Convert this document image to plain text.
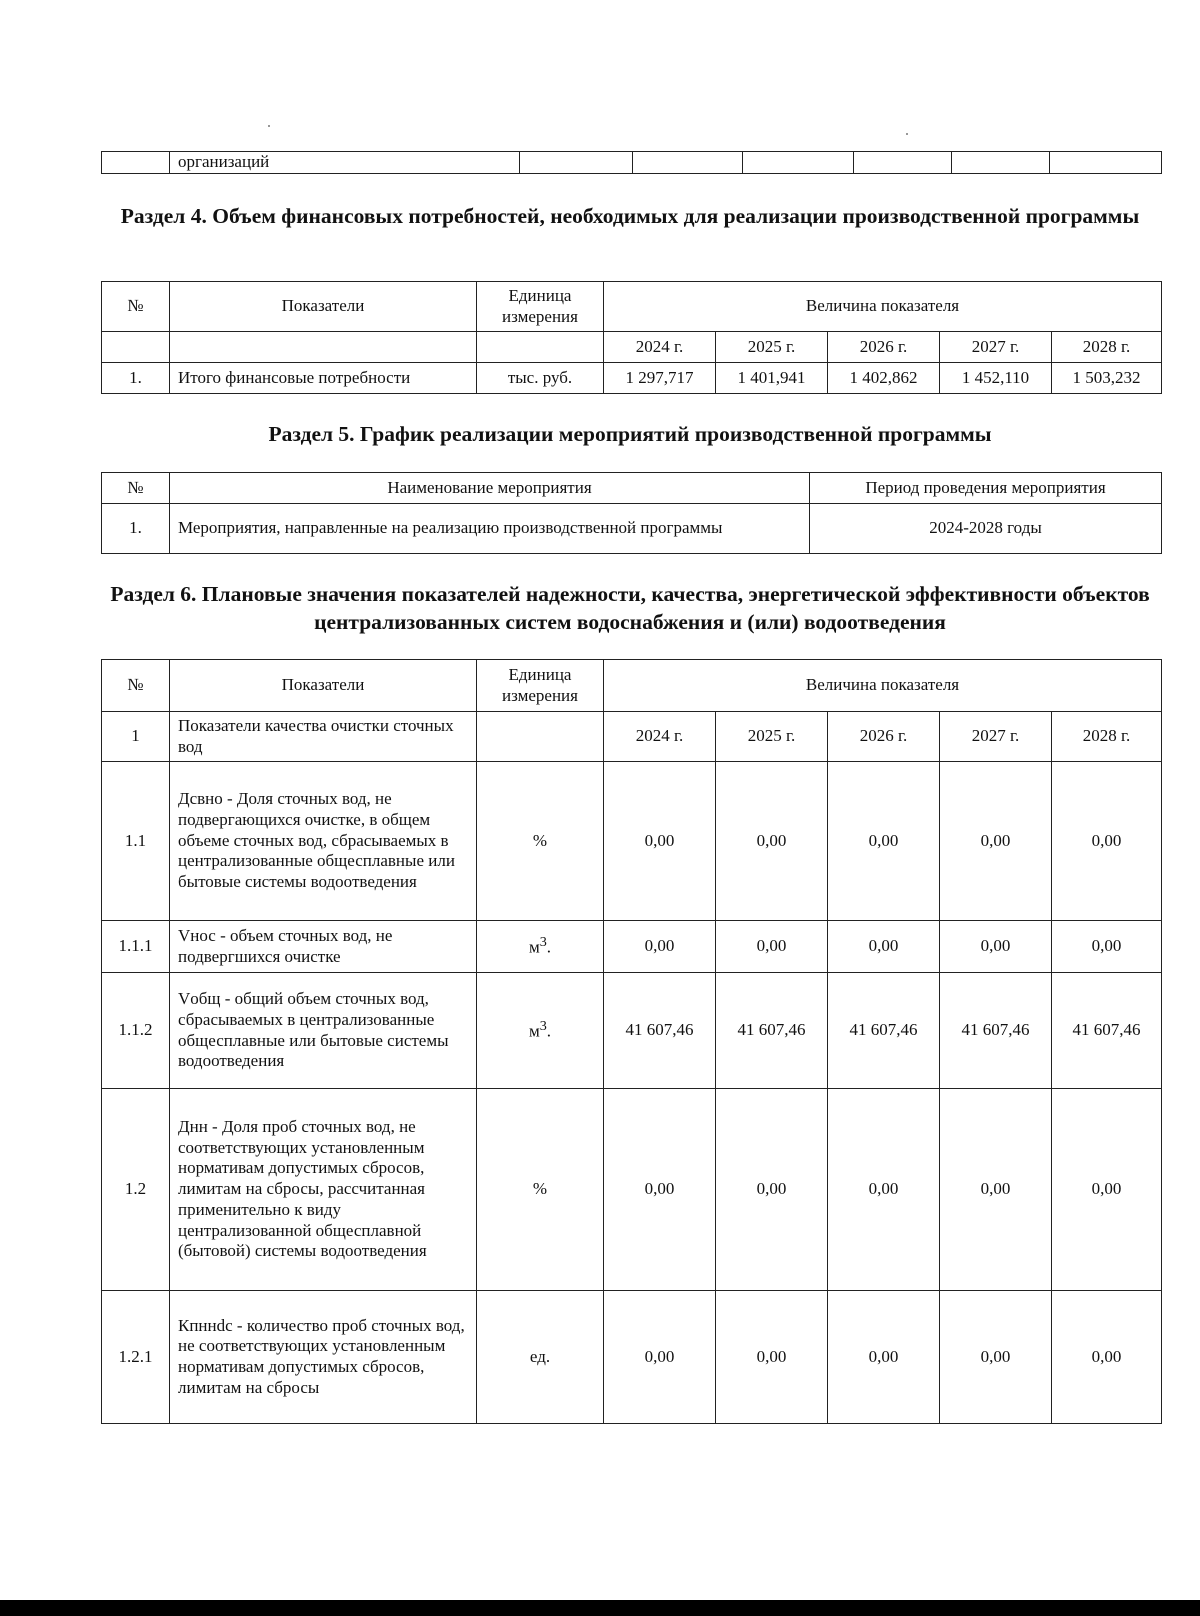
	организаций						
Раздел 4. Объем финансовых потребностей, необходимых для реализации производственной программы
№	Показатели	Единица измерения	Величина показателя				
			2024 г.	2025 г.	2026 г.	2027 г.	2028 г.
1.	Итого финансовые потребности	тыс. руб.	1 297,717	1 401,941	1 402,862	1 452,110	1 503,232
Раздел 5. График реализации мероприятий производственной программы
№	Наименование мероприятия	Период проведения мероприятия
1.	Мероприятия, направленные на реализацию производственной программы	2024-2028 годы
Раздел 6. Плановые значения показателей надежности, качества, энергетической эффективности объектов централизованных систем водоснабжения и (или) водоотведения
№	Показатели	Единица измерения	Величина показателя				
1	Показатели качества очистки сточных вод		2024 г.	2025 г.	2026 г.	2027 г.	2028 г.
1.1	Дсвно - Доля сточных вод, не подвергающихся очистке, в общем объеме сточных вод, сбрасываемых в централизованные общесплавные или бытовые системы водоотведения	%	0,00	0,00	0,00	0,00	0,00
1.1.1	Vнос - объем сточных вод, не подвергшихся очистке	$м^3$.	0,00	0,00	0,00	0,00	0,00
1.1.2	Vобщ - общий объем сточных вод, сбрасываемых в централизованные общесплавные или бытовые системы водоотведения	$м^3$.	41 607,46	41 607,46	41 607,46	41 607,46	41 607,46
1.2	Днн - Доля проб сточных вод, не соответствующих установленным нормативам допустимых сбросов, лимитам на сбросы, рассчитанная применительно к виду централизованной общесплавной (бытовой) системы водоотведения	%	0,00	0,00	0,00	0,00	0,00
1.2.1	Кпннdс - количество проб сточных вод, не соответствующих установленным нормативам допустимых сбросов, лимитам на сбросы	ед.	0,00	0,00	0,00	0,00	0,00
